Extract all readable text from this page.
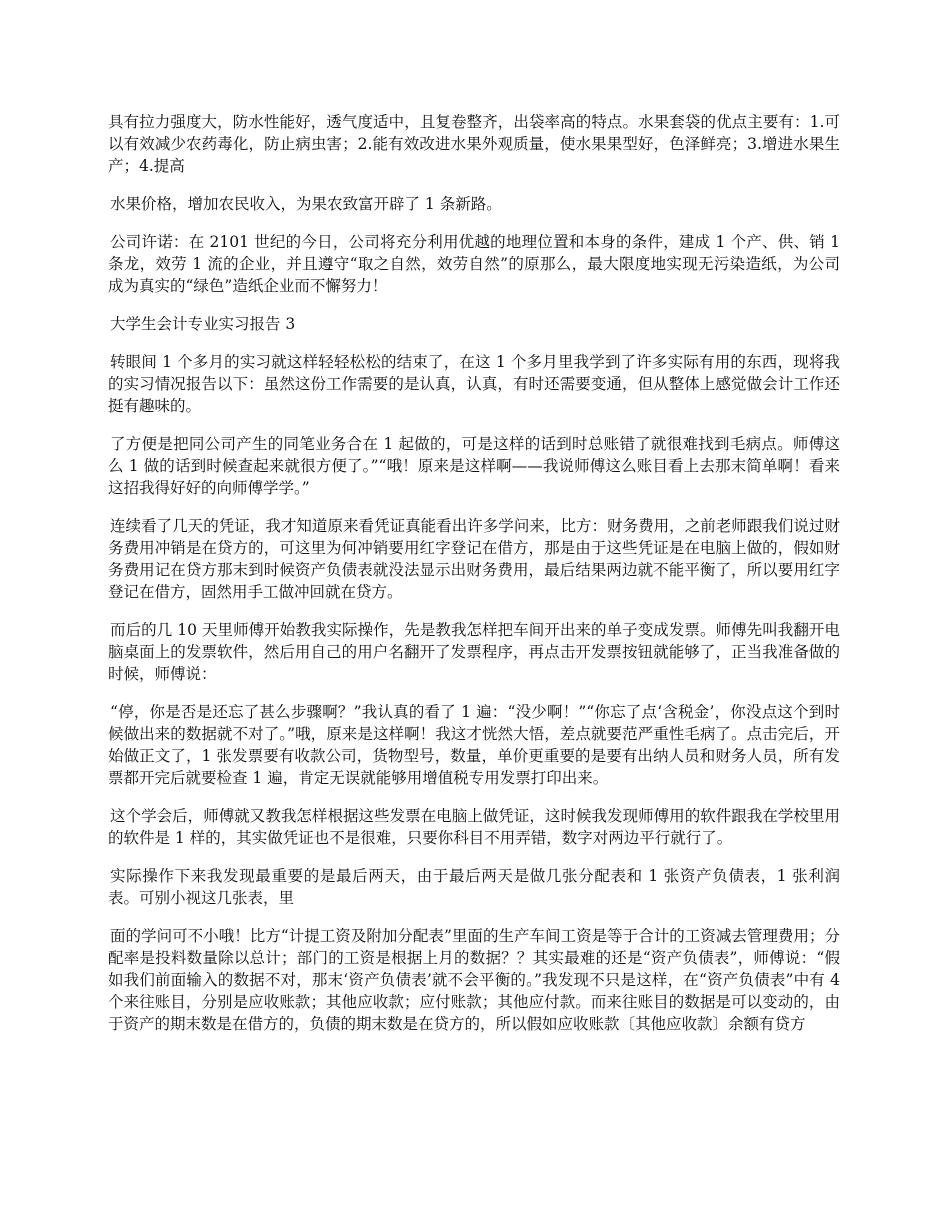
具有拉力强度大，防水性能好，透气度适中，且复卷整齐，出袋率高的特点。水果套袋的优点主要有：1.可以有效减少农药毒化，防止病虫害；2.能有效改进水果外观质量，使水果果型好，色泽鲜亮；3.增进水果生产；4.提高

水果价格，增加农民收入，为果农致富开辟了 1 条新路。

公司许诺：在 2101 世纪的今日，公司将充分利用优越的地理位置和本身的条件，建成 1 个产、供、销 1 条龙，效劳 1 流的企业，并且遵守“取之自然，效劳自然”的原那么，最大限度地实现无污染造纸，为公司成为真实的“绿色”造纸企业而不懈努力！

大学生会计专业实习报告 3

转眼间 1 个多月的实习就这样轻轻松松的结束了，在这 1 个多月里我学到了许多实际有用的东西，现将我的实习情况报告以下：虽然这份工作需要的是认真，认真，有时还需要变通，但从整体上感觉做会计工作还挺有趣味的。

了方便是把同公司产生的同笔业务合在 1 起做的，可是这样的话到时总账错了就很难找到毛病点。师傅这么 1 做的话到时候查起来就很方便了。”“哦！原来是这样啊——我说师傅这么账目看上去那末简单啊！看来这招我得好好的向师傅学学。”

连续看了几天的凭证，我才知道原来看凭证真能看出许多学问来，比方：财务费用，之前老师跟我们说过财务费用冲销是在贷方的，可这里为何冲销要用红字登记在借方，那是由于这些凭证是在电脑上做的，假如财务费用记在贷方那末到时候资产负债表就没法显示出财务费用，最后结果两边就不能平衡了，所以要用红字登记在借方，固然用手工做冲回就在贷方。

而后的几 10 天里师傅开始教我实际操作，先是教我怎样把车间开出来的单子变成发票。师傅先叫我翻开电脑桌面上的发票软件，然后用自己的用户名翻开了发票程序，再点击开发票按钮就能够了，正当我准备做的时候，师傅说：

“停，你是否是还忘了甚么步骤啊？”我认真的看了 1 遍：“没少啊！”“你忘了点‘含税金’，你没点这个到时候做出来的数据就不对了。”哦，原来是这样啊！我这才恍然大悟，差点就要范严重性毛病了。点击完后，开始做正文了，1 张发票要有收款公司，货物型号，数量，单价更重要的是要有出纳人员和财务人员，所有发票都开完后就要检查 1 遍，肯定无误就能够用增值税专用发票打印出来。

这个学会后，师傅就又教我怎样根据这些发票在电脑上做凭证，这时候我发现师傅用的软件跟我在学校里用的软件是 1 样的，其实做凭证也不是很难，只要你科目不用弄错，数字对两边平行就行了。

实际操作下来我发现最重要的是最后两天，由于最后两天是做几张分配表和 1 张资产负债表，1 张利润表。可别小视这几张表，里

面的学问可不小哦！比方“计提工资及附加分配表”里面的生产车间工资是等于合计的工资减去管理费用；分配率是投料数量除以总计；部门的工资是根据上月的数据？？其实最难的还是“资产负债表”，师傅说：“假如我们前面输入的数据不对，那末‘资产负债表’就不会平衡的。”我发现不只是这样，在“资产负债表”中有 4 个来往账目，分别是应收账款；其他应收款；应付账款；其他应付款。而来往账目的数据是可以变动的，由于资产的期末数是在借方的，负债的期末数是在贷方的，所以假如应收账款〔其他应收款〕余额有贷方
